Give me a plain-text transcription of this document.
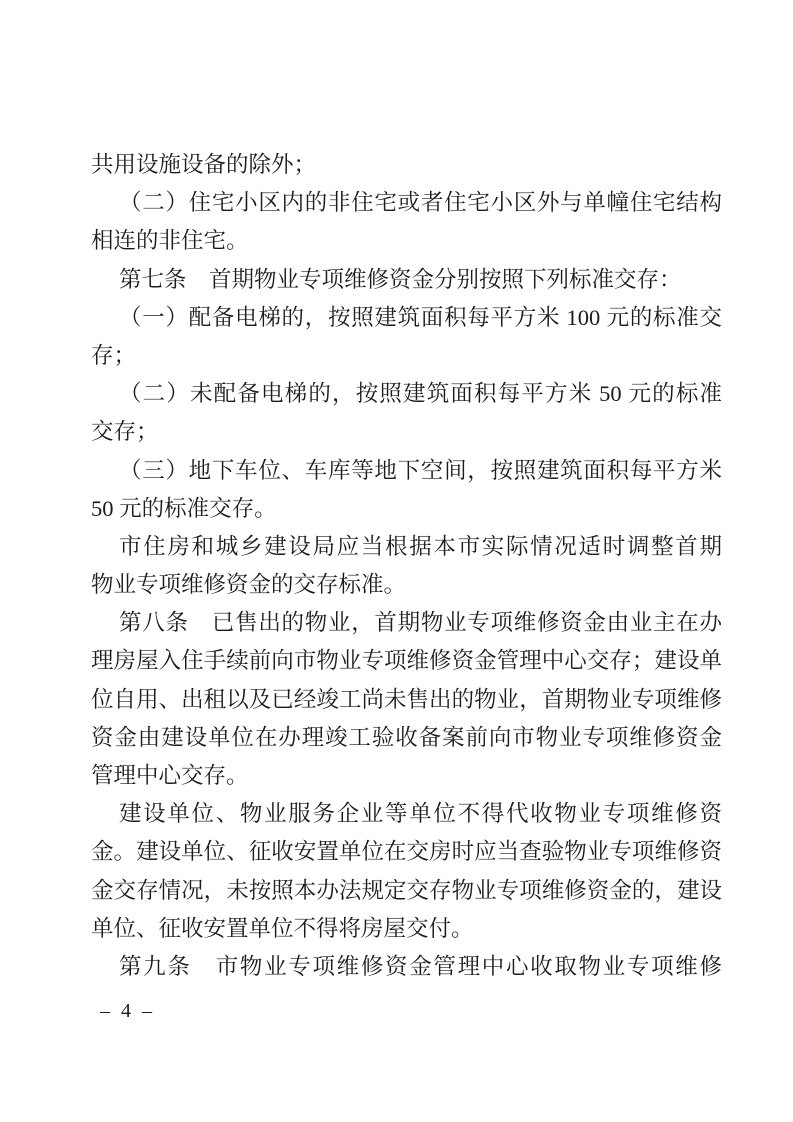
共用设施设备的除外；
（二）住宅小区内的非住宅或者住宅小区外与单幢住宅结构
相连的非住宅。
第七条　首期物业专项维修资金分别按照下列标准交存：
（一）配备电梯的，按照建筑面积每平方米 100 元的标准交
存；
（二）未配备电梯的，按照建筑面积每平方米 50 元的标准
交存；
（三）地下车位、车库等地下空间，按照建筑面积每平方米
50 元的标准交存。
市住房和城乡建设局应当根据本市实际情况适时调整首期
物业专项维修资金的交存标准。
第八条　已售出的物业，首期物业专项维修资金由业主在办
理房屋入住手续前向市物业专项维修资金管理中心交存；建设单
位自用、出租以及已经竣工尚未售出的物业，首期物业专项维修
资金由建设单位在办理竣工验收备案前向市物业专项维修资金
管理中心交存。
建设单位、物业服务企业等单位不得代收物业专项维修资
金。建设单位、征收安置单位在交房时应当查验物业专项维修资
金交存情况，未按照本办法规定交存物业专项维修资金的，建设
单位、征收安置单位不得将房屋交付。
第九条　市物业专项维修资金管理中心收取物业专项维修
– 4 –
